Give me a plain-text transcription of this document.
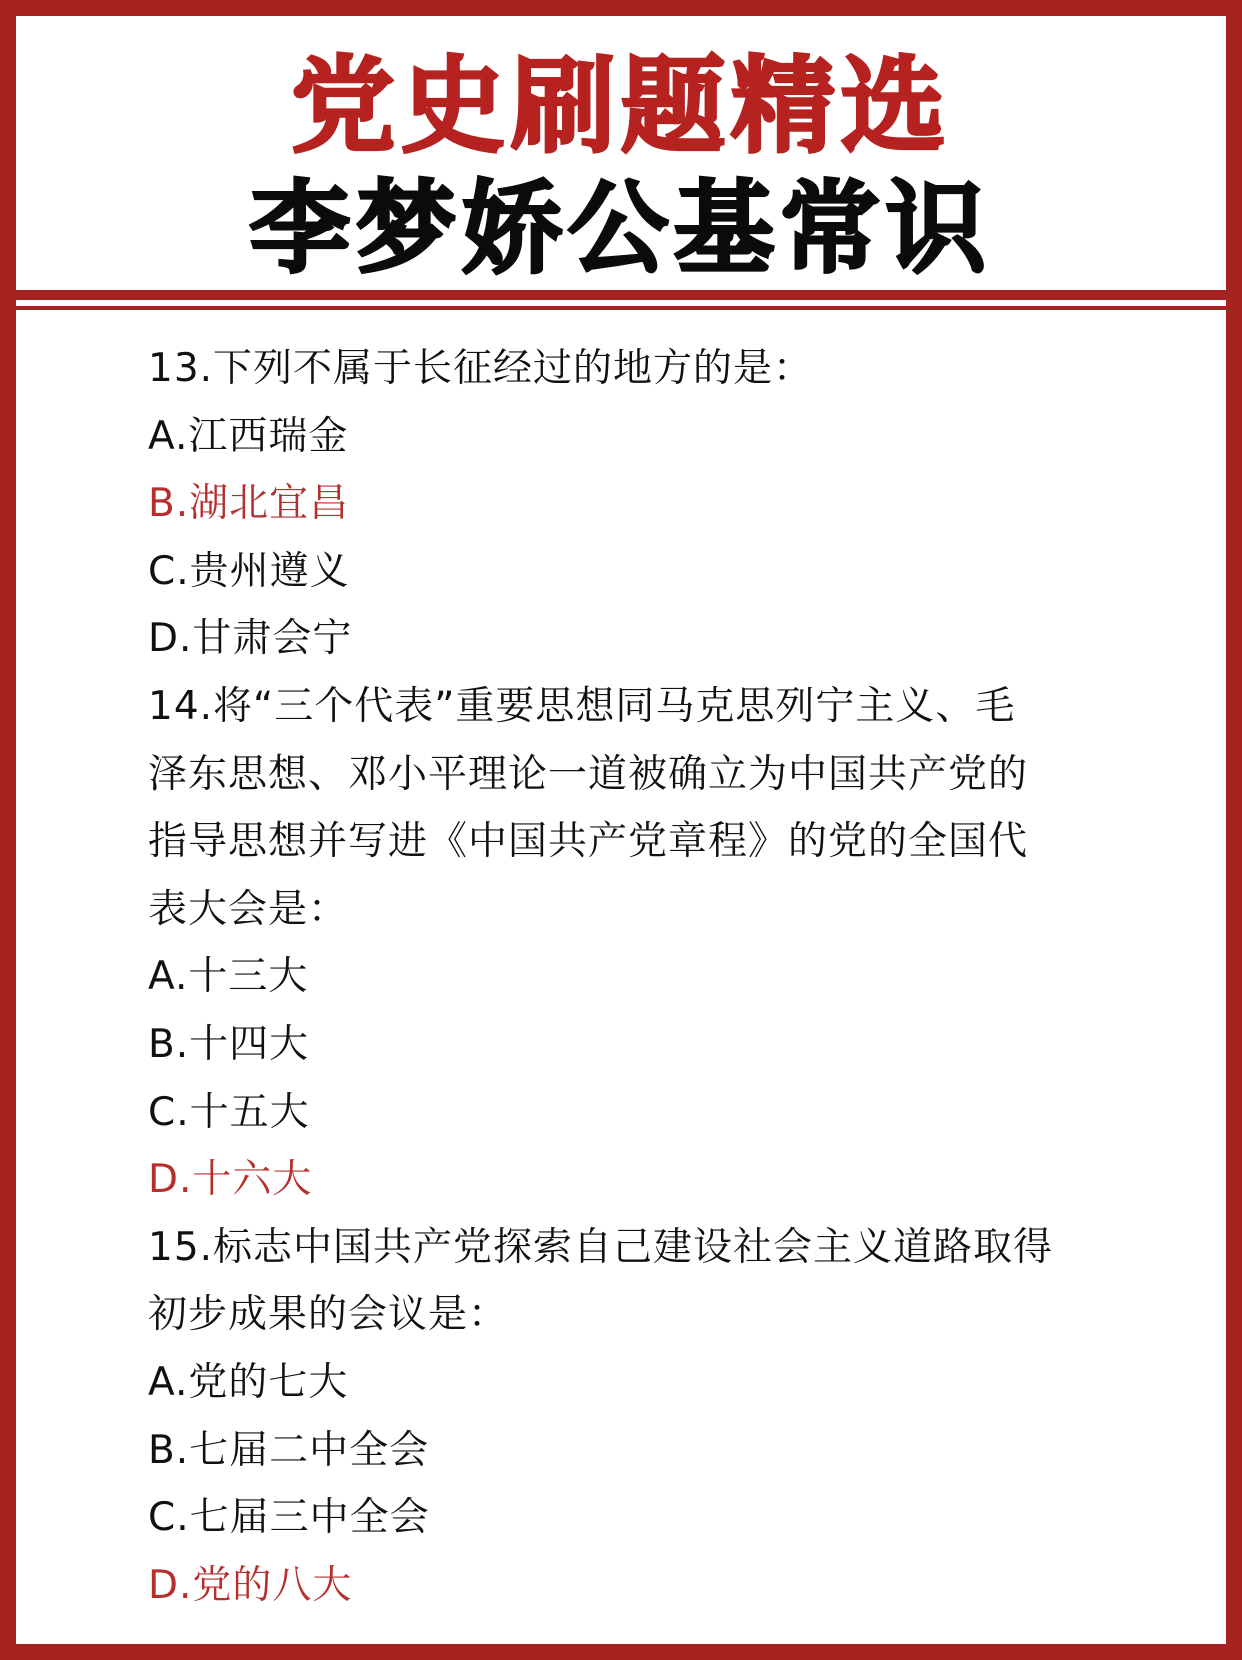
党史刷题精选
李梦娇公基常识
13.下列不属于长征经过的地方的是：
A.江西瑞金
B.湖北宜昌
C.贵州遵义
D.甘肃会宁
14.将“三个代表”重要思想同马克思列宁主义、毛
泽东思想、邓小平理论一道被确立为中国共产党的
指导思想并写进《中国共产党章程》的党的全国代
表大会是：
A.十三大
B.十四大
C.十五大
D.十六大
15.标志中国共产党探索自己建设社会主义道路取得
初步成果的会议是：
A.党的七大
B.七届二中全会
C.七届三中全会
D.党的八大
